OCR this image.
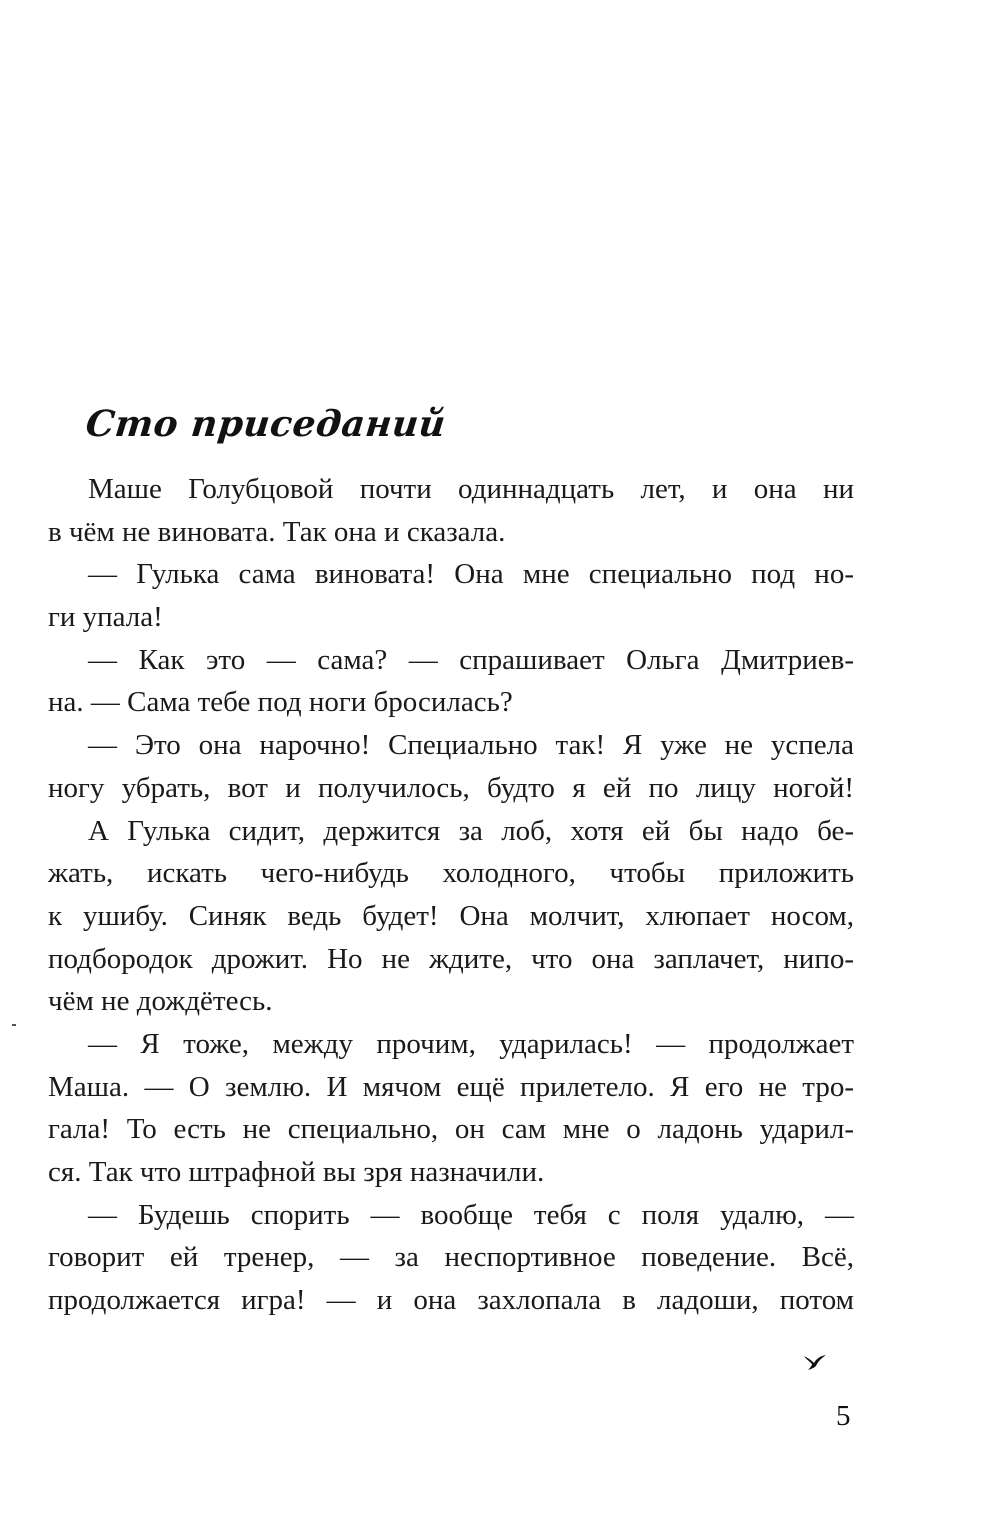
Сто приседаний
Маше Голубцовой почти одиннадцать лет, и она ни
в чём не виновата. Так она и сказала.
— Гулька сама виновата! Она мне специально под но-
ги упала!
— Как это — сама? — спрашивает Ольга Дмитриев-
на. — Сама тебе под ноги бросилась?
— Это она нарочно! Специально так! Я уже не успела
ногу убрать, вот и получилось, будто я ей по лицу ногой!
А Гулька сидит, держится за лоб, хотя ей бы надо бе-
жать, искать чего-нибудь холодного, чтобы приложить
к ушибу. Синяк ведь будет! Она молчит, хлюпает носом,
подбородок дрожит. Но не ждите, что она заплачет, нипо-
чём не дождётесь.
— Я тоже, между прочим, ударилась! — продолжает
Маша. — О землю. И мячом ещё прилетело. Я его не тро-
гала! То есть не специально, он сам мне о ладонь ударил-
ся. Так что штрафной вы зря назначили.
— Будешь спорить — вообще тебя с поля удалю, —
говорит ей тренер, — за неспортивное поведение. Всё,
продолжается игра! — и она захлопала в ладоши, потом
5
